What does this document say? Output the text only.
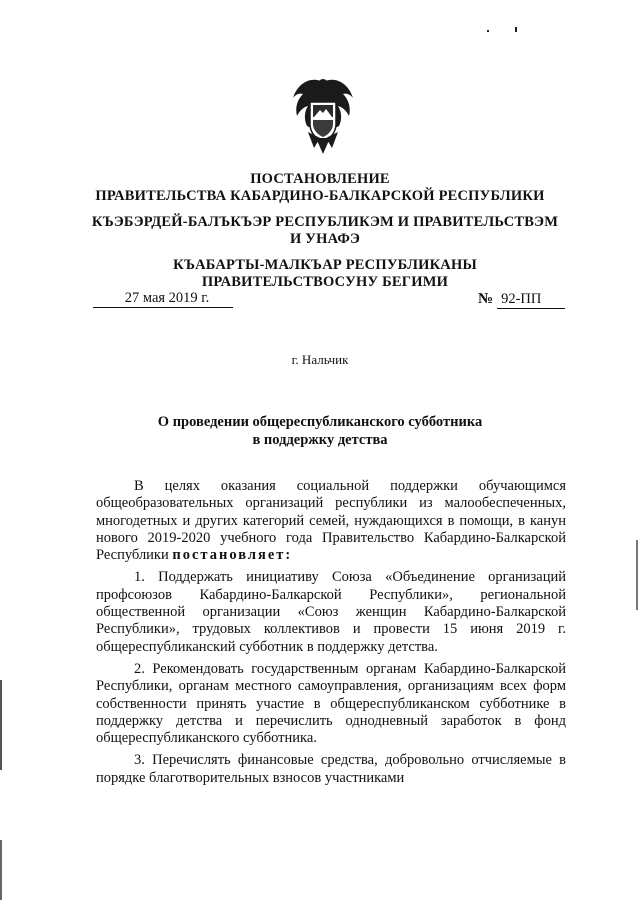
ПОСТАНОВЛЕНИЕ
ПРАВИТЕЛЬСТВА КАБАРДИНО-БАЛКАРСКОЙ РЕСПУБЛИКИ
КЪЭБЭРДЕЙ-БАЛЪКЪЭР РЕСПУБЛИКЭМ И ПРАВИТЕЛЬСТВЭМ И УНАФЭ
КЪАБАРТЫ-МАЛКЪАР РЕСПУБЛИКАНЫ ПРАВИТЕЛЬСТВОСУНУ БЕГИМИ
27 мая 2019 г.	№ 92-ПП
г. Нальчик
О проведении общереспубликанского субботника
в поддержку детства

В целях оказания социальной поддержки обучающимся общеобразовательных организаций республики из малообеспеченных, многодетных и других категорий семей, нуждающихся в помощи, в канун нового 2019-2020 учебного года Правительство Кабардино-Балкарской Республики постановляет:

1. Поддержать инициативу Союза «Объединение организаций профсоюзов Кабардино-Балкарской Республики», региональной общественной организации «Союз женщин Кабардино-Балкарской Республики», трудовых коллективов и провести 15 июня 2019 г. общереспубликанский субботник в поддержку детства.

2. Рекомендовать государственным органам Кабардино-Балкарской Республики, органам местного самоуправления, организациям всех форм собственности принять участие в общереспубликанском субботнике в поддержку детства и перечислить однодневный заработок в фонд общереспубликанского субботника.

3. Перечислять финансовые средства, добровольно отчисляемые в порядке благотворительных взносов участниками
